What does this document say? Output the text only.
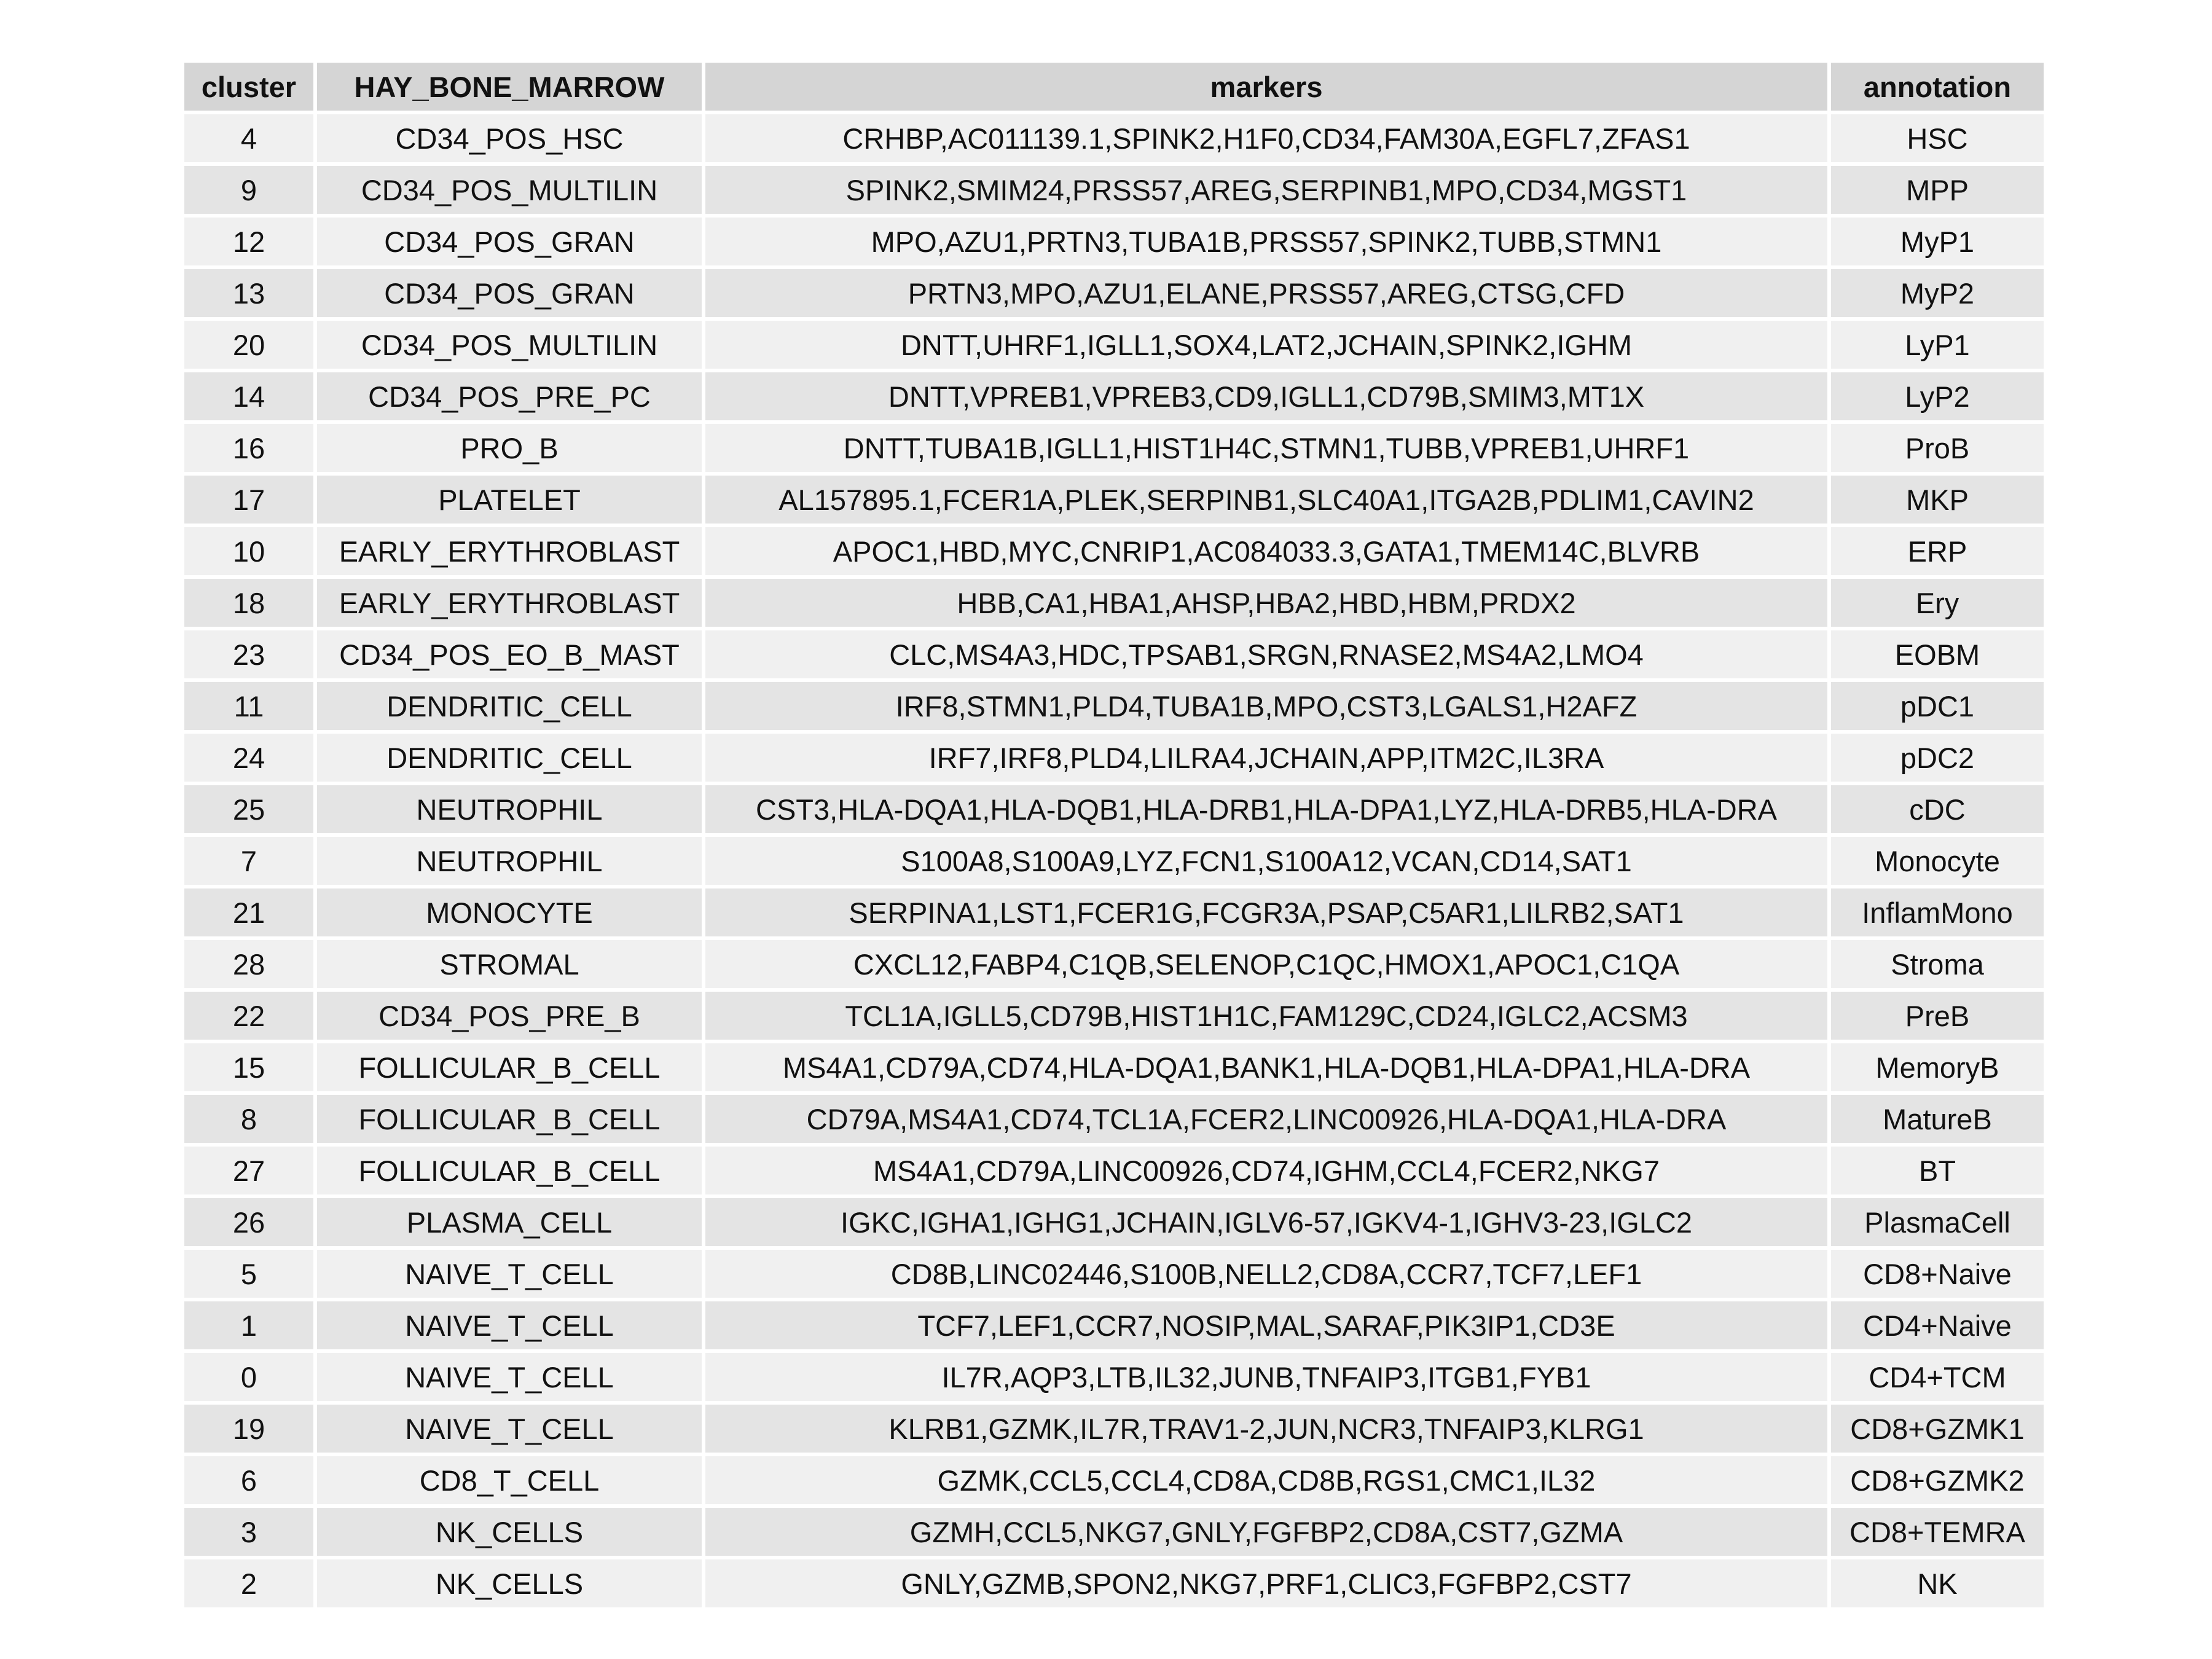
cluster	HAY_BONE_MARROW	markers	annotation
4	CD34_POS_HSC	CRHBP,AC011139.1,SPINK2,H1F0,CD34,FAM30A,EGFL7,ZFAS1	HSC
9	CD34_POS_MULTILIN	SPINK2,SMIM24,PRSS57,AREG,SERPINB1,MPO,CD34,MGST1	MPP
12	CD34_POS_GRAN	MPO,AZU1,PRTN3,TUBA1B,PRSS57,SPINK2,TUBB,STMN1	MyP1
13	CD34_POS_GRAN	PRTN3,MPO,AZU1,ELANE,PRSS57,AREG,CTSG,CFD	MyP2
20	CD34_POS_MULTILIN	DNTT,UHRF1,IGLL1,SOX4,LAT2,JCHAIN,SPINK2,IGHM	LyP1
14	CD34_POS_PRE_PC	DNTT,VPREB1,VPREB3,CD9,IGLL1,CD79B,SMIM3,MT1X	LyP2
16	PRO_B	DNTT,TUBA1B,IGLL1,HIST1H4C,STMN1,TUBB,VPREB1,UHRF1	ProB
17	PLATELET	AL157895.1,FCER1A,PLEK,SERPINB1,SLC40A1,ITGA2B,PDLIM1,CAVIN2	MKP
10	EARLY_ERYTHROBLAST	APOC1,HBD,MYC,CNRIP1,AC084033.3,GATA1,TMEM14C,BLVRB	ERP
18	EARLY_ERYTHROBLAST	HBB,CA1,HBA1,AHSP,HBA2,HBD,HBM,PRDX2	Ery
23	CD34_POS_EO_B_MAST	CLC,MS4A3,HDC,TPSAB1,SRGN,RNASE2,MS4A2,LMO4	EOBM
11	DENDRITIC_CELL	IRF8,STMN1,PLD4,TUBA1B,MPO,CST3,LGALS1,H2AFZ	pDC1
24	DENDRITIC_CELL	IRF7,IRF8,PLD4,LILRA4,JCHAIN,APP,ITM2C,IL3RA	pDC2
25	NEUTROPHIL	CST3,HLA-DQA1,HLA-DQB1,HLA-DRB1,HLA-DPA1,LYZ,HLA-DRB5,HLA-DRA	cDC
7	NEUTROPHIL	S100A8,S100A9,LYZ,FCN1,S100A12,VCAN,CD14,SAT1	Monocyte
21	MONOCYTE	SERPINA1,LST1,FCER1G,FCGR3A,PSAP,C5AR1,LILRB2,SAT1	InflamMono
28	STROMAL	CXCL12,FABP4,C1QB,SELENOP,C1QC,HMOX1,APOC1,C1QA	Stroma
22	CD34_POS_PRE_B	TCL1A,IGLL5,CD79B,HIST1H1C,FAM129C,CD24,IGLC2,ACSM3	PreB
15	FOLLICULAR_B_CELL	MS4A1,CD79A,CD74,HLA-DQA1,BANK1,HLA-DQB1,HLA-DPA1,HLA-DRA	MemoryB
8	FOLLICULAR_B_CELL	CD79A,MS4A1,CD74,TCL1A,FCER2,LINC00926,HLA-DQA1,HLA-DRA	MatureB
27	FOLLICULAR_B_CELL	MS4A1,CD79A,LINC00926,CD74,IGHM,CCL4,FCER2,NKG7	BT
26	PLASMA_CELL	IGKC,IGHA1,IGHG1,JCHAIN,IGLV6-57,IGKV4-1,IGHV3-23,IGLC2	PlasmaCell
5	NAIVE_T_CELL	CD8B,LINC02446,S100B,NELL2,CD8A,CCR7,TCF7,LEF1	CD8+Naive
1	NAIVE_T_CELL	TCF7,LEF1,CCR7,NOSIP,MAL,SARAF,PIK3IP1,CD3E	CD4+Naive
0	NAIVE_T_CELL	IL7R,AQP3,LTB,IL32,JUNB,TNFAIP3,ITGB1,FYB1	CD4+TCM
19	NAIVE_T_CELL	KLRB1,GZMK,IL7R,TRAV1-2,JUN,NCR3,TNFAIP3,KLRG1	CD8+GZMK1
6	CD8_T_CELL	GZMK,CCL5,CCL4,CD8A,CD8B,RGS1,CMC1,IL32	CD8+GZMK2
3	NK_CELLS	GZMH,CCL5,NKG7,GNLY,FGFBP2,CD8A,CST7,GZMA	CD8+TEMRA
2	NK_CELLS	GNLY,GZMB,SPON2,NKG7,PRF1,CLIC3,FGFBP2,CST7	NK
